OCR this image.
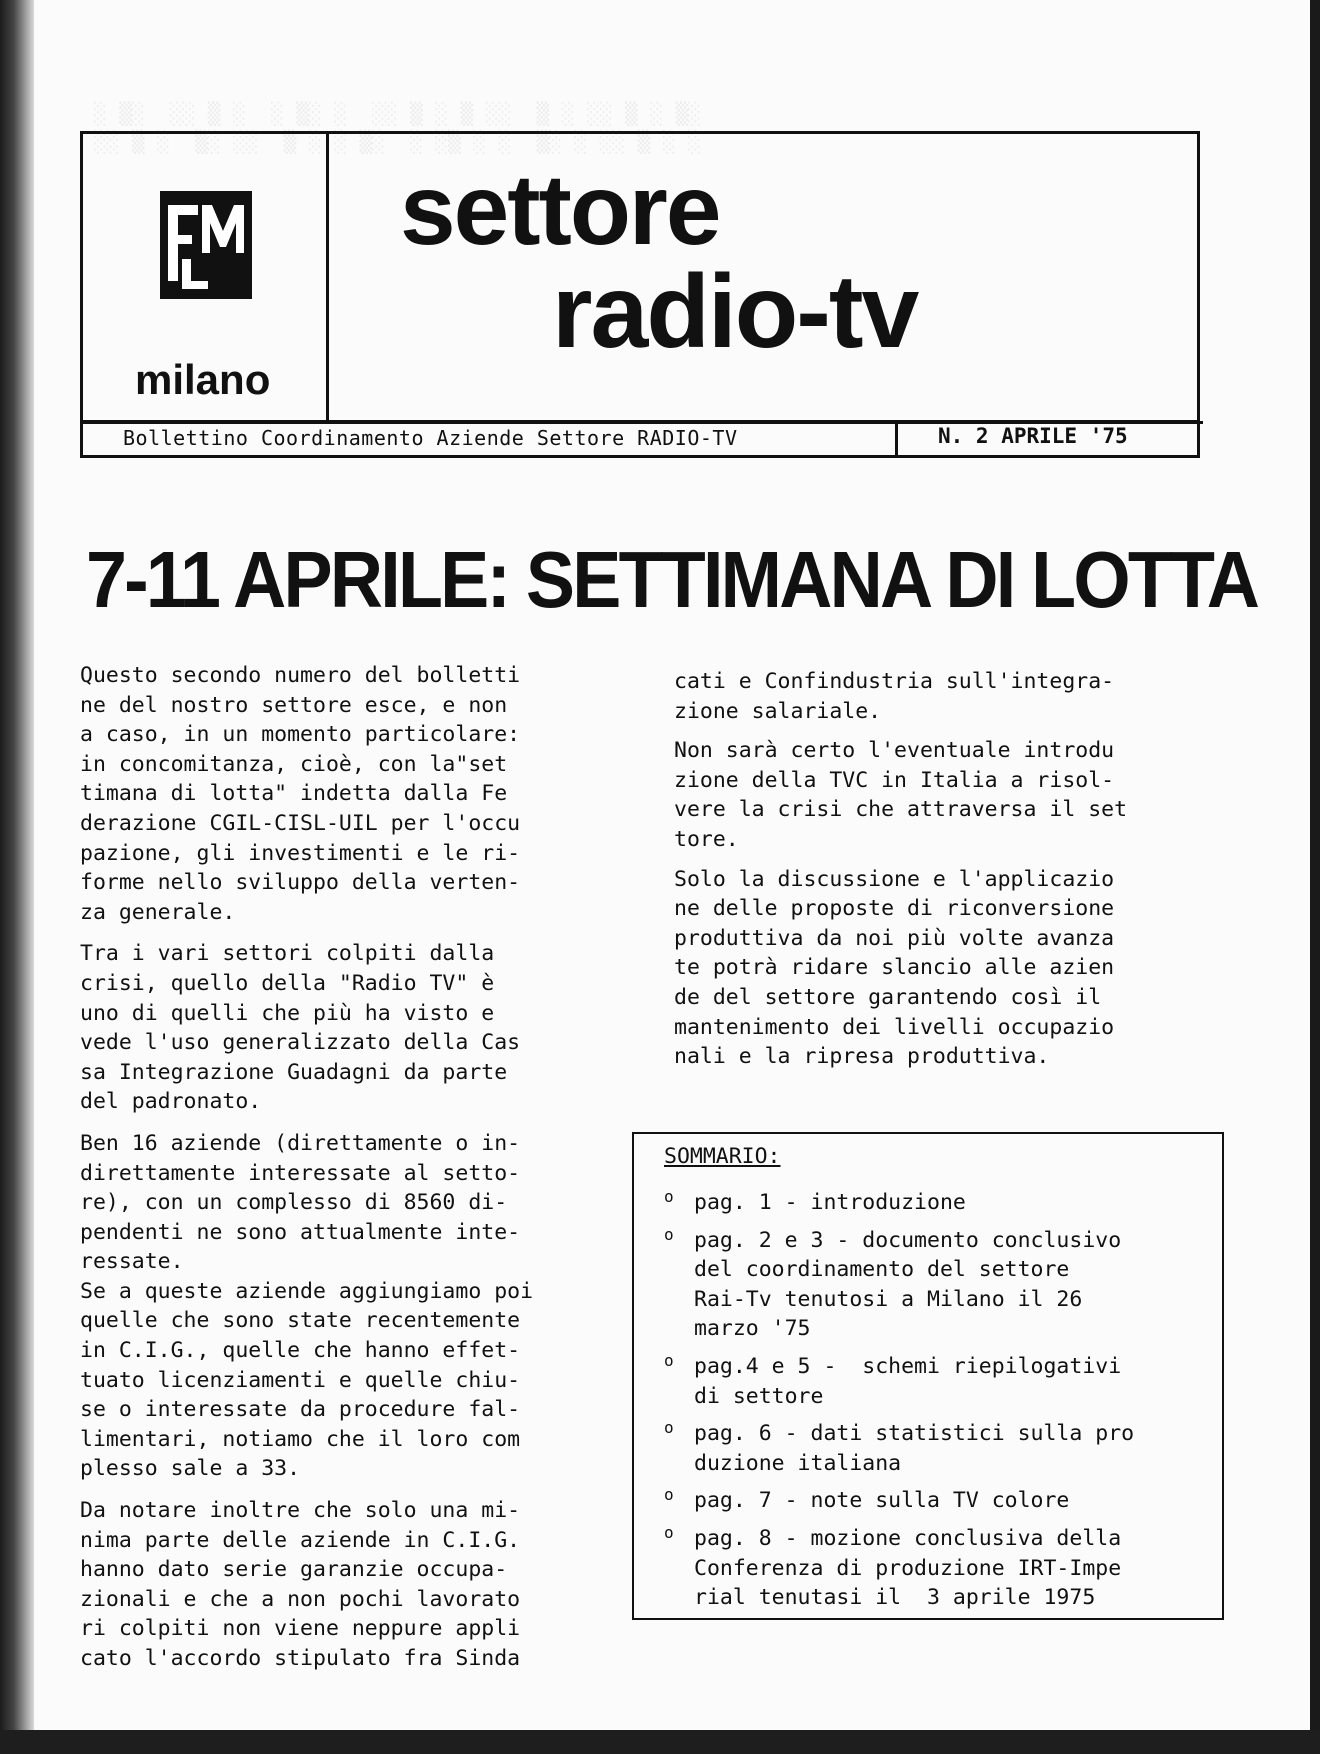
░ ▒░  ░░ ▒ ░  ░ ▒░ ░  ░░ ▒ ░ ▒ ░░  ▒ ░ ░░ ▒ ░ ▒░
░░ ▒ ░  ▒░ ░░  ▒ ░ ░ ▒░  ░ ░▒ ░ ░  ▒░ ░ ░░ ▒ ░ ░
milano
settore
radio-tv
Bollettino Coordinamento Aziende Settore RADIO-TV	N. 2 APRILE '75
7-11 APRILE: SETTIMANA DI LOTTA

Questo secondo numero del bolletti
ne del nostro settore esce, e non
a caso, in un momento particolare:
in concomitanza, cioè, con la"set
timana di lotta" indetta dalla Fe
derazione CGIL-CISL-UIL per l'occu
pazione, gli investimenti e le ri-
forme nello sviluppo della verten-
za generale.

Tra i vari settori colpiti dalla
crisi, quello della "Radio TV" è
uno di quelli che più ha visto e
vede l'uso generalizzato della Cas
sa Integrazione Guadagni da parte
del padronato.

Ben 16 aziende (direttamente o in-
direttamente interessate al setto-
re), con un complesso di 8560 di-
pendenti ne sono attualmente inte-
ressate.
Se a queste aziende aggiungiamo poi
quelle che sono state recentemente
in C.I.G., quelle che hanno effet-
tuato licenziamenti e quelle chiu-
se o interessate da procedure fal-
limentari, notiamo che il loro com
plesso sale a 33.

Da notare inoltre che solo una mi-
nima parte delle aziende in C.I.G.
hanno dato serie garanzie occupa-
zionali e che a non pochi lavorato
ri colpiti non viene neppure appli
cato l'accordo stipulato fra Sinda

cati e Confindustria sull'integra-
zione salariale.

Non sarà certo l'eventuale introdu
zione della TVC in Italia a risol-
vere la crisi che attraversa il set
tore.

Solo la discussione e l'applicazio
ne delle proposte di riconversione
produttiva da noi più volte avanza
te potrà ridare slancio alle azien
de del settore garantendo così il
mantenimento dei livelli occupazio
nali e la ripresa produttiva.

SOMMARIO:
o pag. 1 - introduzione
o pag. 2 e 3 - documento conclusivo
del coordinamento del settore
Rai-Tv tenutosi a Milano il 26
marzo '75
o pag.4 e 5 -  schemi riepilogativi
di settore
o pag. 6 - dati statistici sulla pro
duzione italiana
o pag. 7 - note sulla TV colore
o pag. 8 - mozione conclusiva della
Conferenza di produzione IRT-Impe
rial tenutasi il  3 aprile 1975
